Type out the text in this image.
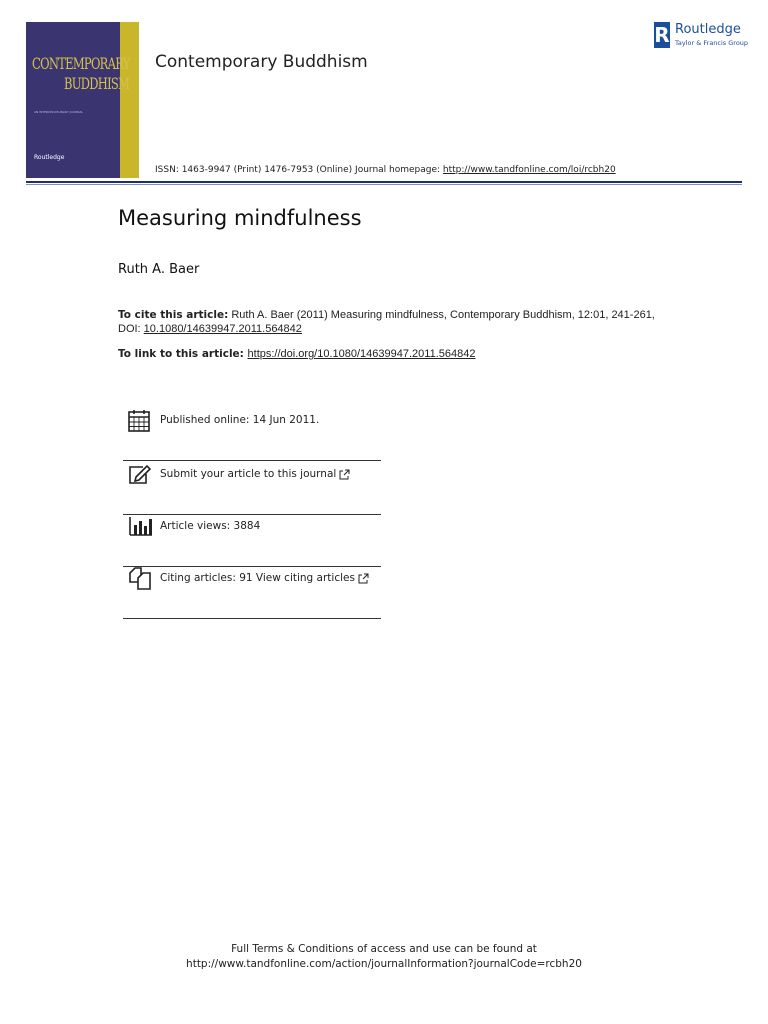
CONTEMPORARY
BUDDHISM
AN INTERDISCIPLINARY JOURNAL
Routledge
Contemporary Buddhism
ISSN: 1463-9947 (Print) 1476-7953 (Online) Journal homepage: http://www.tandfonline.com/loi/rcbh20
R Routledge
Taylor & Francis Group
Measuring mindfulness
Ruth A. Baer
To cite this article: Ruth A. Baer (2011) Measuring mindfulness, Contemporary Buddhism, 12:01, 241-261, DOI: 10.1080/14639947.2011.564842
To link to this article: https://doi.org/10.1080/14639947.2011.564842
Published online: 14 Jun 2011.
Submit your article to this journal
Article views: 3884
Citing articles: 91 View citing articles
Full Terms & Conditions of access and use can be found at
http://www.tandfonline.com/action/journalInformation?journalCode=rcbh20
